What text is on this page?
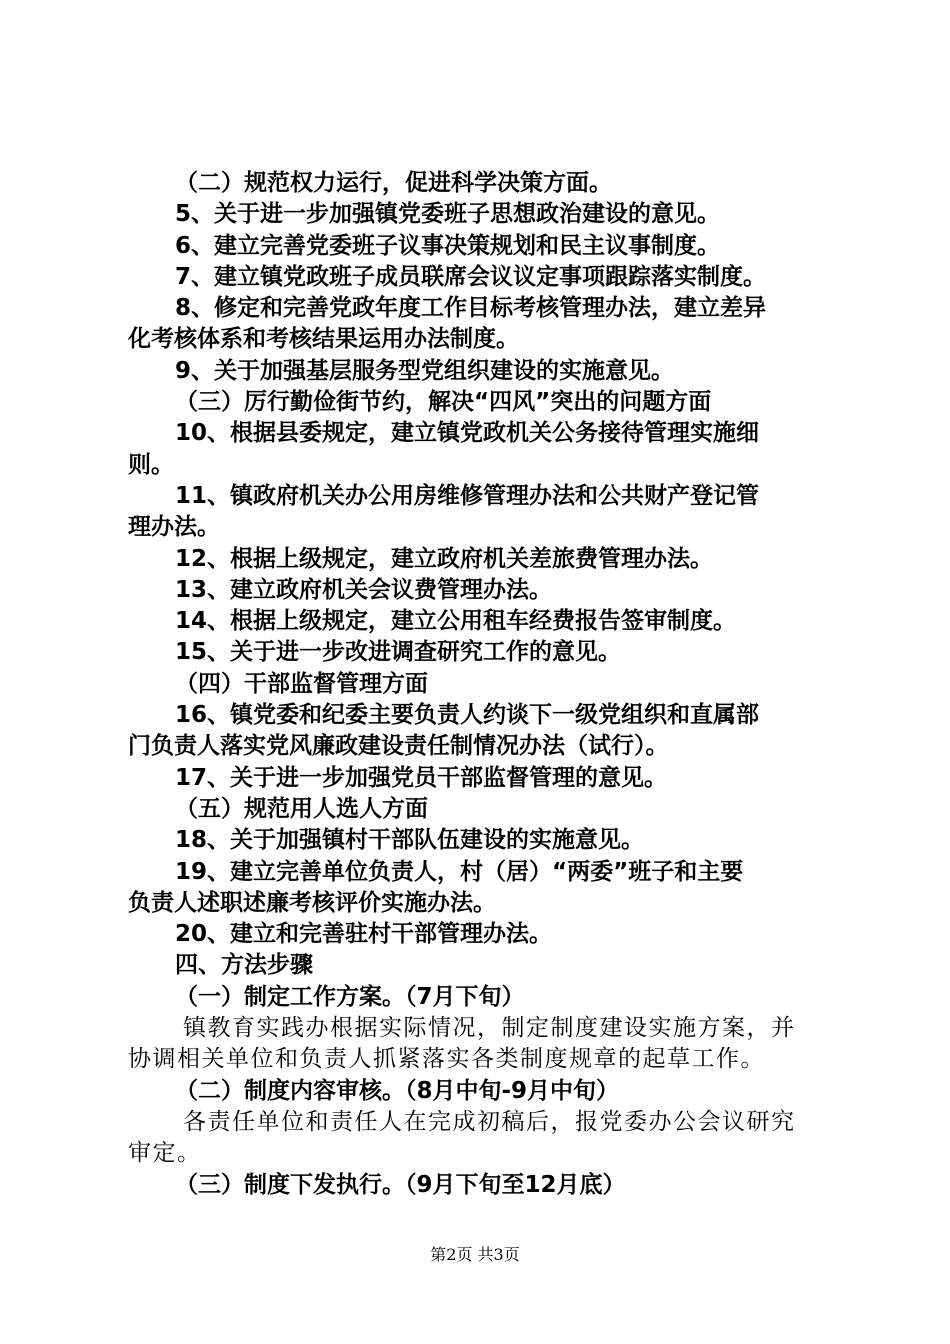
（二）规范权力运行，促进科学决策方面。
5、关于进一步加强镇党委班子思想政治建设的意见。
6、建立完善党委班子议事决策规划和民主议事制度。
7、建立镇党政班子成员联席会议议定事项跟踪落实制度。
8、修定和完善党政年度工作目标考核管理办法，建立差异
化考核体系和考核结果运用办法制度。
9、关于加强基层服务型党组织建设的实施意见。
（三）厉行勤俭街节约，解决“四风”突出的问题方面
10、根据县委规定，建立镇党政机关公务接待管理实施细
则。
11、镇政府机关办公用房维修管理办法和公共财产登记管
理办法。
12、根据上级规定，建立政府机关差旅费管理办法。
13、建立政府机关会议费管理办法。
14、根据上级规定，建立公用租车经费报告签审制度。
15、关于进一步改进调查研究工作的意见。
（四）干部监督管理方面
16、镇党委和纪委主要负责人约谈下一级党组织和直属部
门负责人落实党风廉政建设责任制情况办法（试行）。
17、关于进一步加强党员干部监督管理的意见。
（五）规范用人选人方面
18、关于加强镇村干部队伍建设的实施意见。
19、建立完善单位负责人，村（居）“两委”班子和主要
负责人述职述廉考核评价实施办法。
20、建立和完善驻村干部管理办法。
四、方法步骤
（一）制定工作方案。（7月下旬）
镇教育实践办根据实际情况，制定制度建设实施方案，并
协调相关单位和负责人抓紧落实各类制度规章的起草工作。
（二）制度内容审核。（8月中旬-9月中旬）
各责任单位和责任人在完成初稿后，报党委办公会议研究
审定。
（三）制度下发执行。（9月下旬至12月底）
第2页 共3页
